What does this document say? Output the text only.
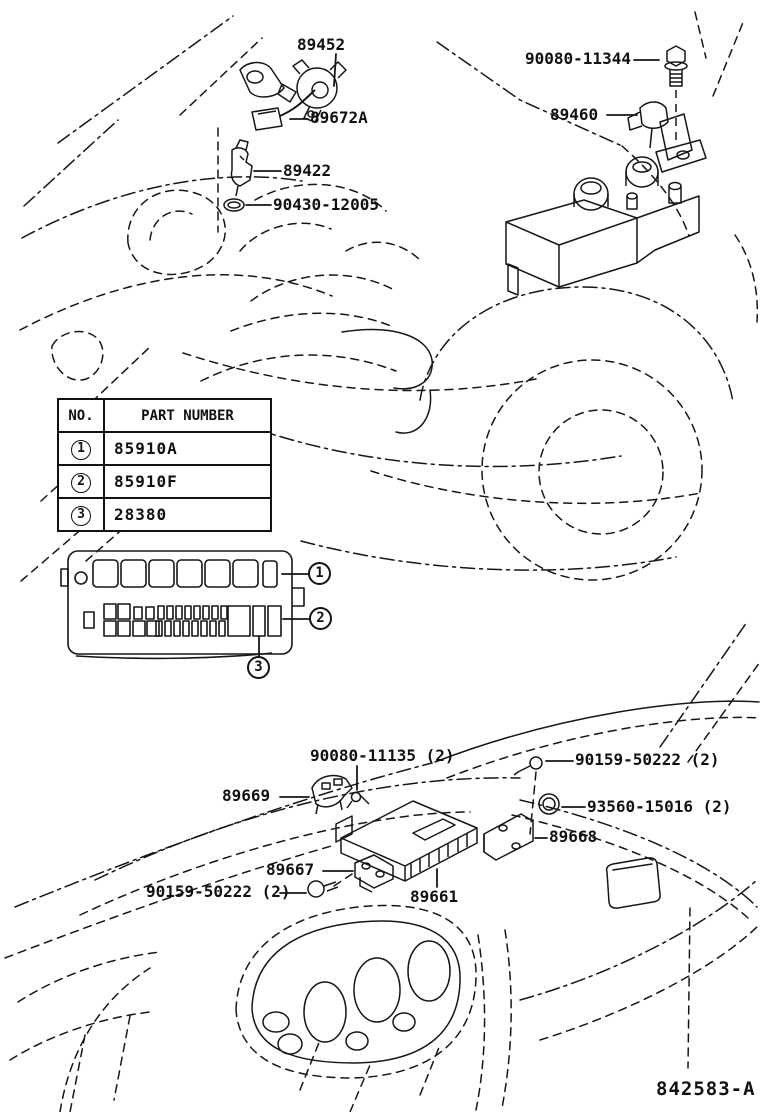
89452
90080-11344
89672A	89460
89422
90430-12005
90080-11135 (2)
89669
90159-50222 (2)
93560-15016 (2)
89668
89667
90159-50222 (2)	89661
1
2
3
NO.	PART NUMBER
1	85910A
2	85910F
3	28380
842583-A
